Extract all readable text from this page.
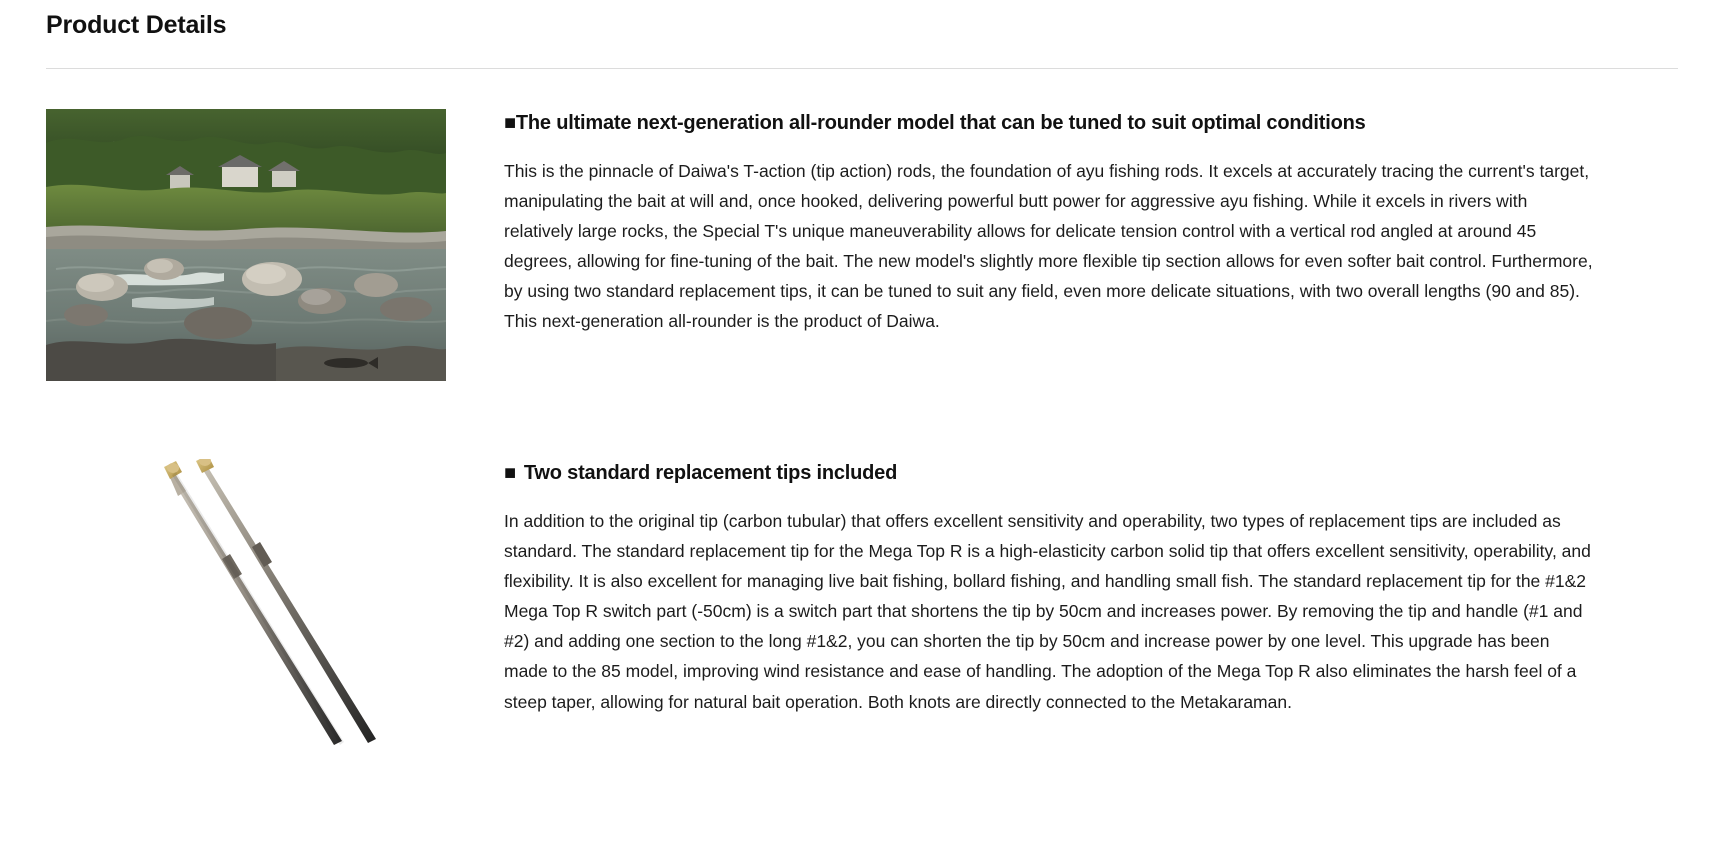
Product Details
■The ultimate next-generation all-rounder model that can be tuned to suit optimal conditions

This is the pinnacle of Daiwa's T-action (tip action) rods, the foundation of ayu fishing rods. It excels at accurately tracing the current's target, manipulating the bait at will and, once hooked, delivering powerful butt power for aggressive ayu fishing. While it excels in rivers with relatively large rocks, the Special T's unique maneuverability allows for delicate tension control with a vertical rod angled at around 45 degrees, allowing for fine-tuning of the bait. The new model's slightly more flexible tip section allows for even softer bait control. Furthermore, by using two standard replacement tips, it can be tuned to suit any field, even more delicate situations, with two overall lengths (90 and 85). This next-generation all-rounder is the product of Daiwa.

■ Two standard replacement tips included

In addition to the original tip (carbon tubular) that offers excellent sensitivity and operability, two types of replacement tips are included as standard. The standard replacement tip for the Mega Top R is a high-elasticity carbon solid tip that offers excellent sensitivity, operability, and flexibility. It is also excellent for managing live bait fishing, bollard fishing, and handling small fish. The standard replacement tip for the #1&2 Mega Top R switch part (-50cm) is a switch part that shortens the tip by 50cm and increases power. By removing the tip and handle (#1 and #2) and adding one section to the long #1&2, you can shorten the tip by 50cm and increase power by one level. This upgrade has been made to the 85 model, improving wind resistance and ease of handling. The adoption of the Mega Top R also eliminates the harsh feel of a steep taper, allowing for natural bait operation. Both knots are directly connected to the Metakaraman.
